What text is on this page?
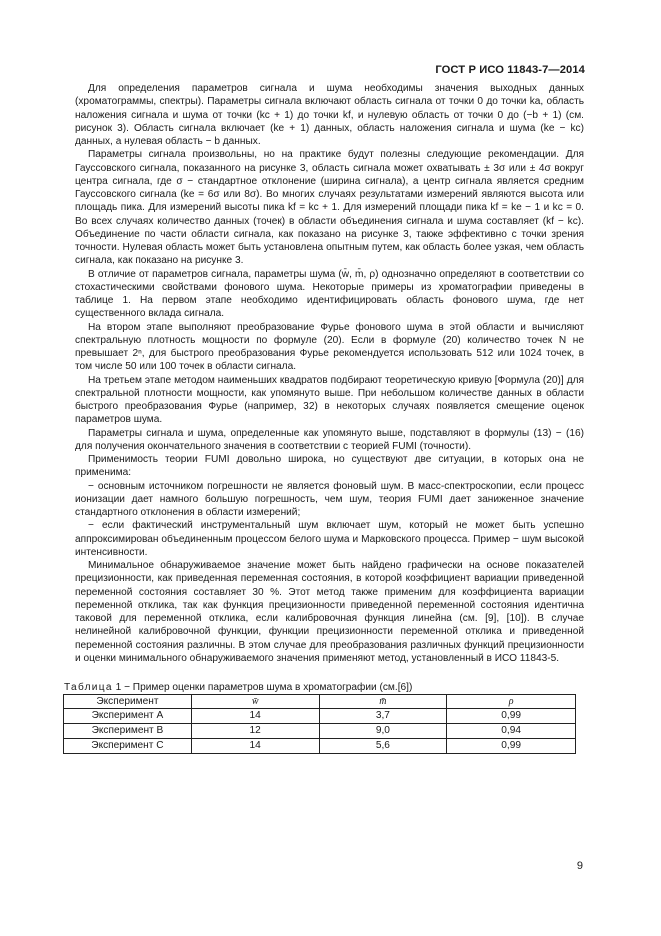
ГОСТ Р ИСО 11843-7—2014

Для определения параметров сигнала и шума необходимы значения выходных данных (хроматограммы, спектры). Параметры сигнала включают область сигнала от точки 0 до точки ka, область наложения сигнала и шума от точки (kc + 1) до точки kf, и нулевую область от точки 0 до (−b + 1) (см. рисунок 3). Область сигнала включает (ke + 1) данных, область наложения сигнала и шума (ke − kc) данных, а нулевая область − b данных.

Параметры сигнала произвольны, но на практике будут полезны следующие рекомендации. Для Гауссовского сигнала, показанного на рисунке 3, область сигнала может охватывать ± 3σ или ± 4σ вокруг центра сигнала, где σ − стандартное отклонение (ширина сигнала), а центр сигнала является средним Гауссовского сигнала (ke = 6σ или 8σ). Во многих случаях результатами измерений являются высота или площадь пика. Для измерений высоты пика kf = kc + 1. Для измерений площади пика kf = ke − 1 и kc = 0. Во всех случаях количество данных (точек) в области объединения сигнала и шума составляет (kf − kc). Объединение по части области сигнала, как показано на рисунке 3, также эффективно с точки зрения точности. Нулевая область может быть установлена опытным путем, как область более узкая, чем область сигнала, как показано на рисунке 3.

В отличие от параметров сигнала, параметры шума (w̄, m̄, ρ) однозначно определяют в соответствии со стохастическими свойствами фонового шума. Некоторые примеры из хроматографии приведены в таблице 1. На первом этапе необходимо идентифицировать область фонового шума, где нет существенного вклада сигнала.

На втором этапе выполняют преобразование Фурье фонового шума в этой области и вычисляют спектральную плотность мощности по формуле (20). Если в формуле (20) количество точек N не превышает 2ⁿ, для быстрого преобразования Фурье рекомендуется использовать 512 или 1024 точек, в том числе 50 или 100 точек в области сигнала.

На третьем этапе методом наименьших квадратов подбирают теоретическую кривую [Формула (20)] для спектральной плотности мощности, как упомянуто выше. При небольшом количестве данных в области быстрого преобразования Фурье (например, 32) в некоторых случаях появляется смещение оценок параметров шума.

Параметры сигнала и шума, определенные как упомянуто выше, подставляют в формулы (13) − (16) для получения окончательного значения в соответствии с теорией FUMI (точности).

Применимость теории FUMI довольно широка, но существуют две ситуации, в которых она не применима:

− основным источником погрешности не является фоновый шум. В масс-спектроскопии, если процесс ионизации дает намного большую погрешность, чем шум, теория FUMI дает заниженное значение стандартного отклонения в области измерений;

− если фактический инструментальный шум включает шум, который не может быть успешно аппроксимирован объединенным процессом белого шума и Марковского процесса. Пример − шум высокой интенсивности.

Минимальное обнаруживаемое значение может быть найдено графически на основе показателей прецизионности, как приведенная переменная состояния, в которой коэффициент вариации приведенной переменной состояния составляет 30 %. Этот метод также применим для коэффициента вариации переменной отклика, так как функция прецизионности приведенной переменной состояния идентична таковой для переменной отклика, если калибровочная функция линейна (см. [9], [10]). В случае нелинейной калибровочной функции, функции прецизионности переменной отклика и приведенной переменной состояния различны. В этом случае для преобразования различных функций прецизионности и оценки минимального обнаруживаемого значения применяют метод, установленный в ИСО 11843-5.

Таблица 1 − Пример оценки параметров шума в хроматографии (см.[6])
Эксперимент	w̄	m̄	ρ
Эксперимент A	14	3,7	0,99
Эксперимент B	12	9,0	0,94
Эксперимент C	14	5,6	0,99
9
